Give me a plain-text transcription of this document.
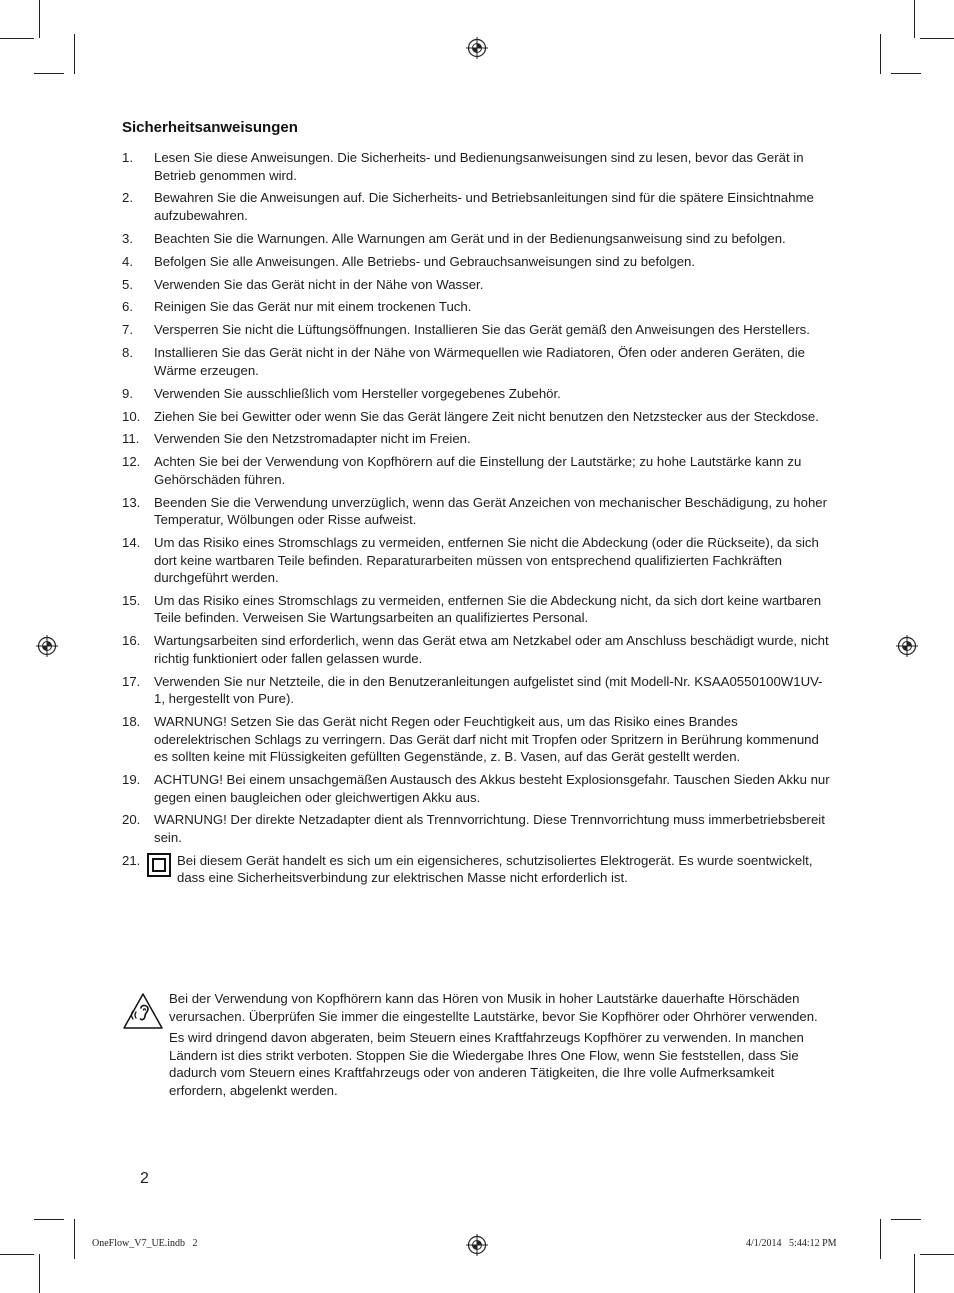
Sicherheitsanweisungen
1. Lesen Sie diese Anweisungen. Die Sicherheits- und Bedienungsanweisungen sind zu lesen, bevor das Gerät in Betrieb genommen wird.
2. Bewahren Sie die Anweisungen auf. Die Sicherheits- und Betriebsanleitungen sind für die spätere Einsichtnahme aufzubewahren.
3. Beachten Sie die Warnungen. Alle Warnungen am Gerät und in der Bedienungsanweisung sind zu befolgen.
4. Befolgen Sie alle Anweisungen. Alle Betriebs- und Gebrauchsanweisungen sind zu befolgen.
5. Verwenden Sie das Gerät nicht in der Nähe von Wasser.
6. Reinigen Sie das Gerät nur mit einem trockenen Tuch.
7. Versperren Sie nicht die Lüftungsöffnungen. Installieren Sie das Gerät gemäß den Anweisungen des Herstellers.
8. Installieren Sie das Gerät nicht in der Nähe von Wärmequellen wie Radiatoren, Öfen oder anderen Geräten, die Wärme erzeugen.
9. Verwenden Sie ausschließlich vom Hersteller vorgegebenes Zubehör.
10. Ziehen Sie bei Gewitter oder wenn Sie das Gerät längere Zeit nicht benutzen den Netzstecker aus der Steckdose.
11. Verwenden Sie den Netzstromadapter nicht im Freien.
12. Achten Sie bei der Verwendung von Kopfhörern auf die Einstellung der Lautstärke; zu hohe Lautstärke kann zu Gehörschäden führen.
13. Beenden Sie die Verwendung unverzüglich, wenn das Gerät Anzeichen von mechanischer Beschädigung, zu hoher Temperatur, Wölbungen oder Risse aufweist.
14. Um das Risiko eines Stromschlags zu vermeiden, entfernen Sie nicht die Abdeckung (oder die Rückseite), da sich dort keine wartbaren Teile befinden. Reparaturarbeiten müssen von entsprechend qualifizierten Fachkräften durchgeführt werden.
15. Um das Risiko eines Stromschlags zu vermeiden, entfernen Sie die Abdeckung nicht, da sich dort keine wartbaren Teile befinden. Verweisen Sie Wartungsarbeiten an qualifiziertes Personal.
16. Wartungsarbeiten sind erforderlich, wenn das Gerät etwa am Netzkabel oder am Anschluss beschädigt wurde, nicht richtig funktioniert oder fallen gelassen wurde.
17. Verwenden Sie nur Netzteile, die in den Benutzeranleitungen aufgelistet sind (mit Modell-Nr. KSAA0550100W1UV-1, hergestellt von Pure).
18. WARNUNG! Setzen Sie das Gerät nicht Regen oder Feuchtigkeit aus, um das Risiko eines Brandes oderelektrischen Schlags zu verringern. Das Gerät darf nicht mit Tropfen oder Spritzern in Berührung kommenund es sollten keine mit Flüssigkeiten gefüllten Gegenstände, z. B. Vasen, auf das Gerät gestellt werden.
19. ACHTUNG! Bei einem unsachgemäßen Austausch des Akkus besteht Explosionsgefahr. Tauschen Sieden Akku nur gegen einen baugleichen oder gleichwertigen Akku aus.
20. WARNUNG! Der direkte Netzadapter dient als Trennvorrichtung. Diese Trennvorrichtung muss immerbetriebsbereit sein.
21.	Bei diesem Gerät handelt es sich um ein eigensicheres, schutzisoliertes Elektrogerät. Es wurde soentwickelt, dass eine Sicherheitsverbindung zur elektrischen Masse nicht erforderlich ist.

Bei der Verwendung von Kopfhörern kann das Hören von Musik in hoher Lautstärke dauerhafte Hörschäden verursachen. Überprüfen Sie immer die eingestellte Lautstärke, bevor Sie Kopfhörer oder Ohrhörer verwenden.

Es wird dringend davon abgeraten, beim Steuern eines Kraftfahrzeugs Kopfhörer zu verwenden. In manchen Ländern ist dies strikt verboten. Stoppen Sie die Wiedergabe Ihres One Flow, wenn Sie feststellen, dass Sie dadurch vom Steuern eines Kraftfahrzeugs oder von anderen Tätigkeiten, die Ihre volle Aufmerksamkeit erfordern, abgelenkt werden.

2
OneFlow_V7_UE.indb   2	4/1/2014   5:44:12 PM
